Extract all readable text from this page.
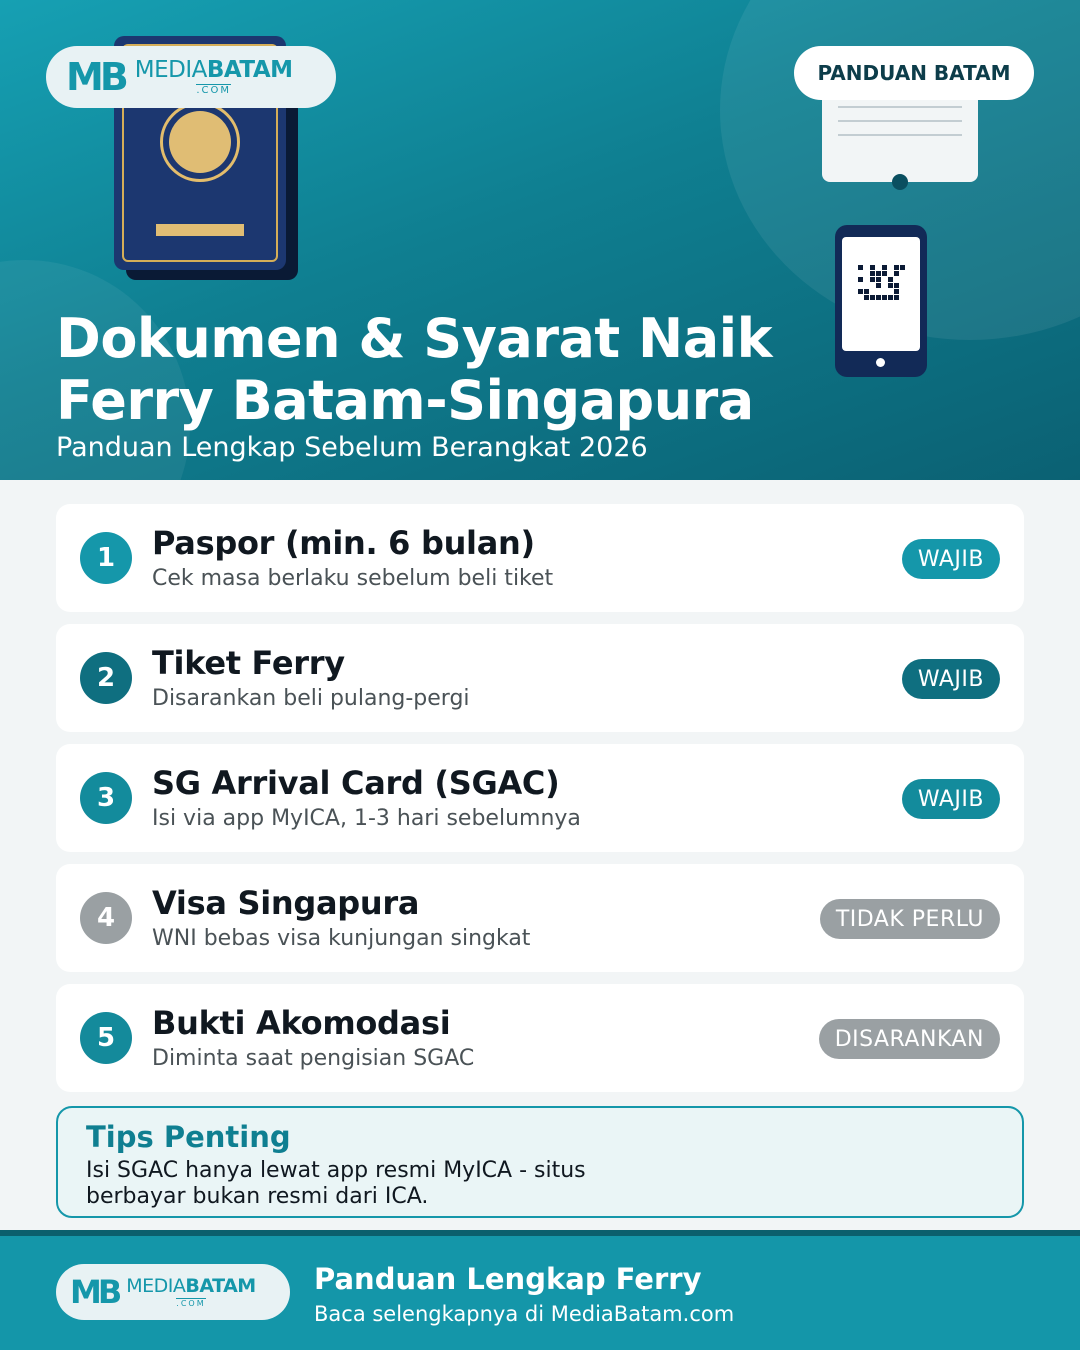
MB MEDIABATAM
.COM
PANDUAN BATAM
Dokumen & Syarat Naik
Ferry Batam-Singapura
Panduan Lengkap Sebelum Berangkat 2026
1	Paspor (min. 6 bulan)
Cek masa berlaku sebelum beli tiket
WAJIB
2	Tiket Ferry
Disarankan beli pulang-pergi
WAJIB
3	SG Arrival Card (SGAC)
Isi via app MyICA, 1-3 hari sebelumnya
WAJIB
4	Visa Singapura
WNI bebas visa kunjungan singkat
TIDAK PERLU
5	Bukti Akomodasi
Diminta saat pengisian SGAC
DISARANKAN
Tips Penting
Isi SGAC hanya lewat app resmi MyICA - situs berbayar bukan resmi dari ICA.
MB MEDIABATAM
.COM
Panduan Lengkap Ferry
Baca selengkapnya di MediaBatam.com
